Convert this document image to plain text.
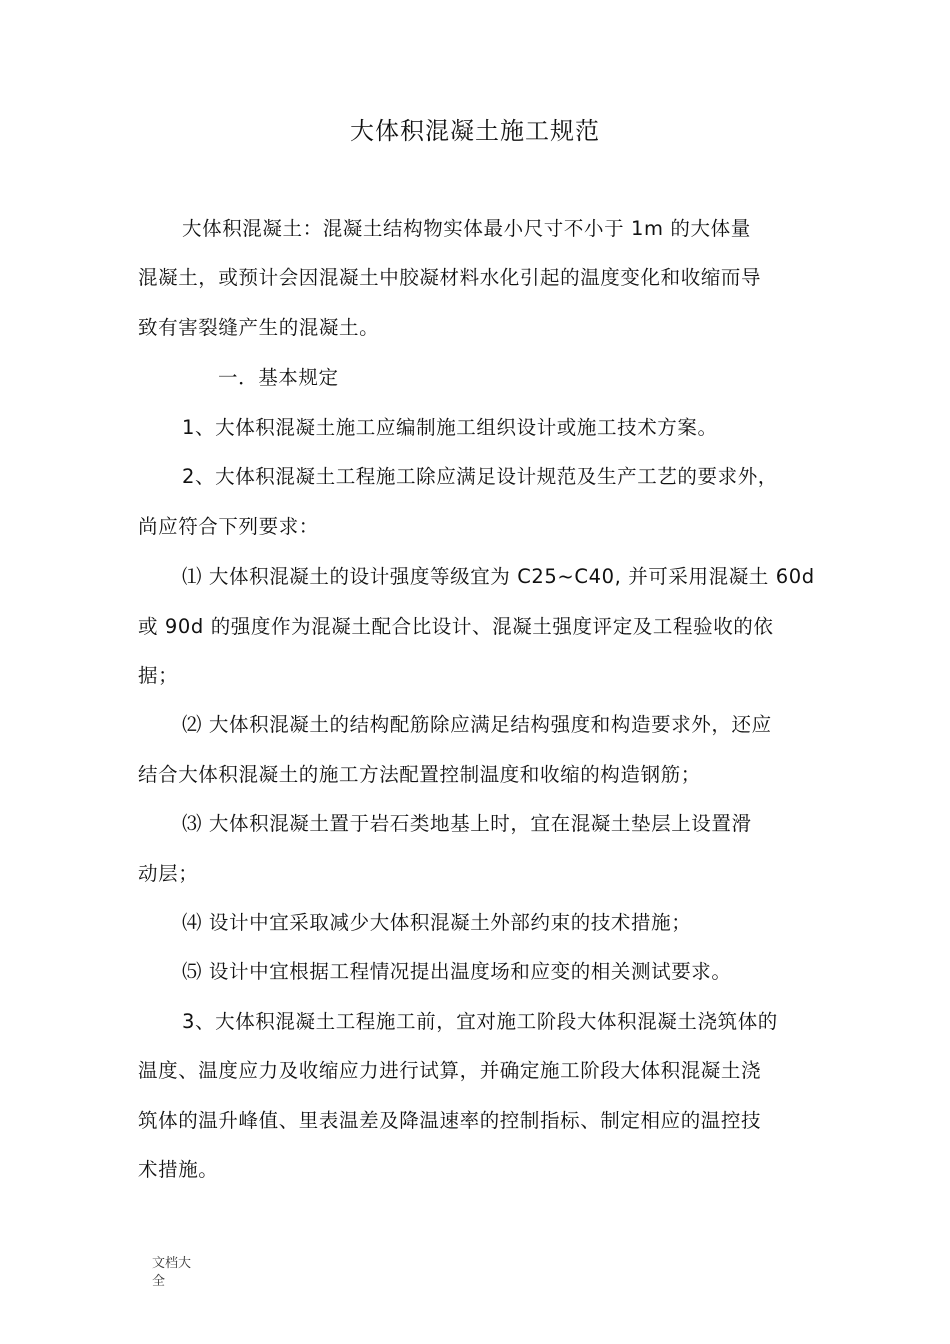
大体积混凝土施工规范
大体积混凝土：混凝土结构物实体最小尺寸不小于 1m 的大体量
混凝土，或预计会因混凝土中胶凝材料水化引起的温度变化和收缩而导
致有害裂缝产生的混凝土。
一．基本规定
1、大体积混凝土施工应编制施工组织设计或施工技术方案。
2、大体积混凝土工程施工除应满足设计规范及生产工艺的要求外，
尚应符合下列要求：
⑴ 大体积混凝土的设计强度等级宜为 C25~C40, 并可采用混凝土 60d
或 90d 的强度作为混凝土配合比设计、混凝土强度评定及工程验收的依
据；
⑵ 大体积混凝土的结构配筋除应满足结构强度和构造要求外，还应
结合大体积混凝土的施工方法配置控制温度和收缩的构造钢筋；
⑶ 大体积混凝土置于岩石类地基上时，宜在混凝土垫层上设置滑
动层；
⑷ 设计中宜采取减少大体积混凝土外部约束的技术措施；
⑸ 设计中宜根据工程情况提出温度场和应变的相关测试要求。
3、大体积混凝土工程施工前，宜对施工阶段大体积混凝土浇筑体的
温度、温度应力及收缩应力进行试算，并确定施工阶段大体积混凝土浇
筑体的温升峰值、里表温差及降温速率的控制指标、制定相应的温控技
术措施。
文档大全
